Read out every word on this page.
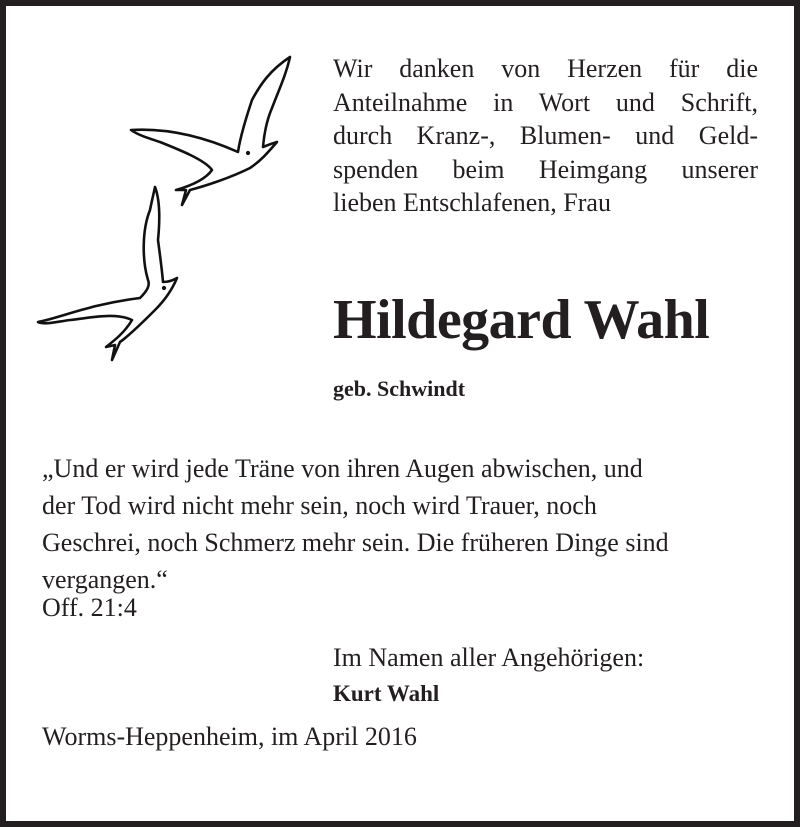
Wir danken von Herzen für die
Anteilnahme in Wort und Schrift,
durch Kranz-, Blumen- und Geld-
spenden beim Heimgang unserer
lieben Entschlafenen, Frau
Hildegard Wahl
geb. Schwindt
„Und er wird jede Träne von ihren Augen abwischen, und
der Tod wird nicht mehr sein, noch wird Trauer, noch
Geschrei, noch Schmerz mehr sein. Die früheren Dinge sind
vergangen.“
Off. 21:4
Im Namen aller Angehörigen:
Kurt Wahl
Worms-Heppenheim, im April 2016
